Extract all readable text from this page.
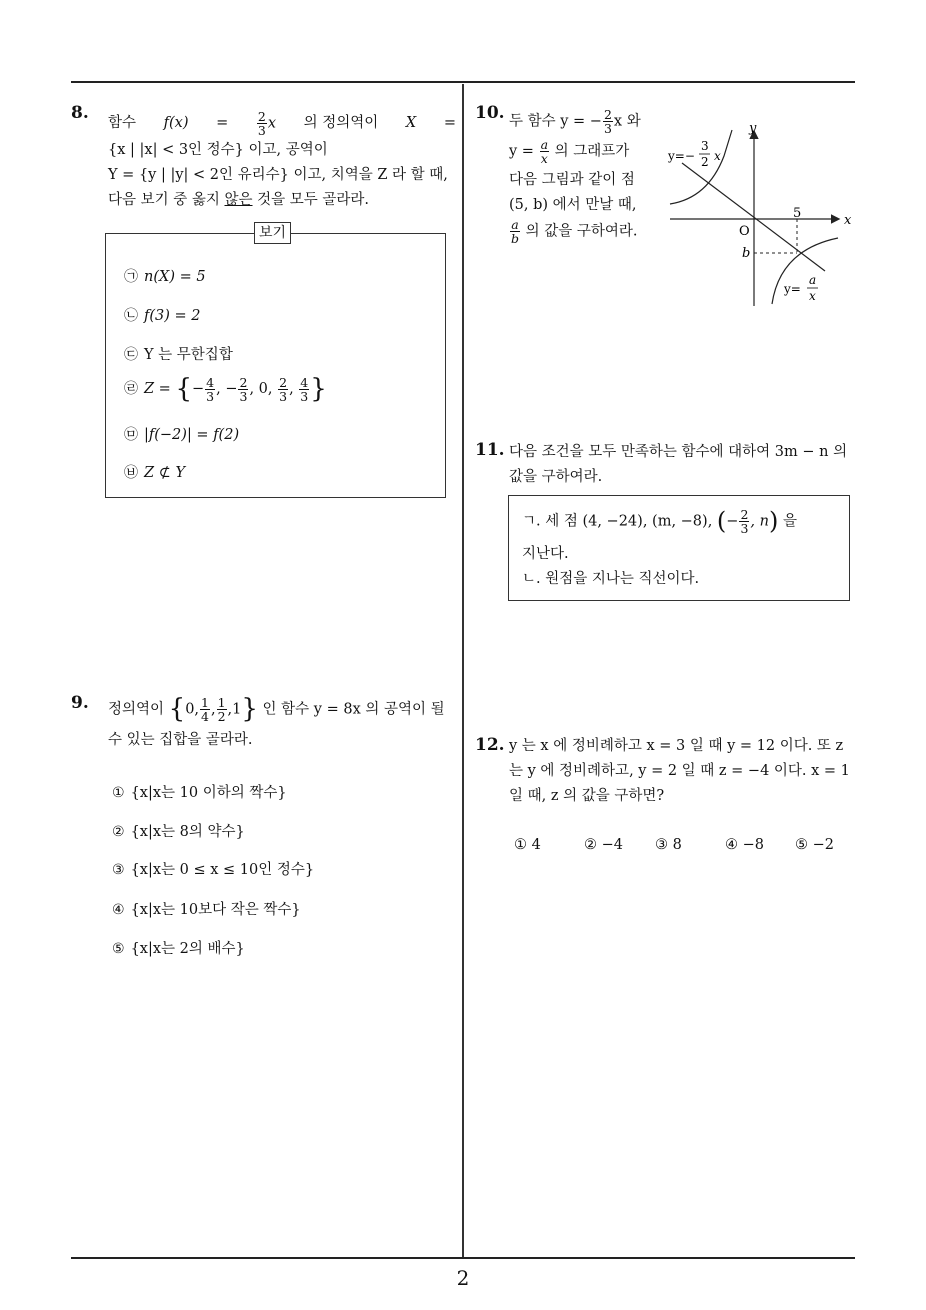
8. 함수 $f(x) = \frac{2}{3}$ x 의 정의역이 X =
{x | |x| < 3인 정수} 이고, 공역이
Y = {y | |y| < 2인 유리수} 이고, 치역을 Z 라 할 때,
다음 보기 중 옳지 않은 것을 모두 골라라.
보기
㉠ n(X) = 5
㉡ f(3) = 2
㉢ Y 는 무한집합
㉣ Z = {− $\frac{4}{3}$ , − $\frac{2}{3}$ , 0, $\frac{2}{3}$ , $\frac{4}{3}$ }
㉤ |f(−2)| = f(2)
㉥ Z ⊄ Y
9. 정의역이 {0, $\frac{1}{4}$ , $\frac{1}{2} ,1$} 인 함수 y = 8x 의 공역이 될
수 있는 집합을 골라라.
① {x|x는 10 이하의 짝수}
② {x|x는 8의 약수}
③ {x|x는 0 ≤ x ≤ 10인 정수}
④ {x|x는 10보다 작은 짝수}
⑤ {x|x는 2의 배수}
10. 두 함수 y = − $\frac{2}{3}$ x 와
$y = \frac{a}{x}$ 의 그래프가
다음 그림과 같이 점
(5, b) 에서 만날 때,
$\frac{a}{b}$ 의 값을 구하여라.
x
y
O
5
b
y=−
3
2 x
y=
a
x
11. 다음 조건을 모두 만족하는 함수에 대하여 3m − n 의
값을 구하여라.
ㄱ. 세 점 (4, −24), (m, −8), (− $\frac{2}{3}$ , n) 을
지난다.
ㄴ. 원점을 지나는 직선이다.
12. y 는 x 에 정비례하고 x = 3 일 때 y = 12 이다. 또 z
는 y 에 정비례하고, y = 2 일 때 z = −4 이다. x = 1
일 때, z 의 값을 구하면?
① 4	② −4 ③ 8	④ −8 ⑤ −2
2
